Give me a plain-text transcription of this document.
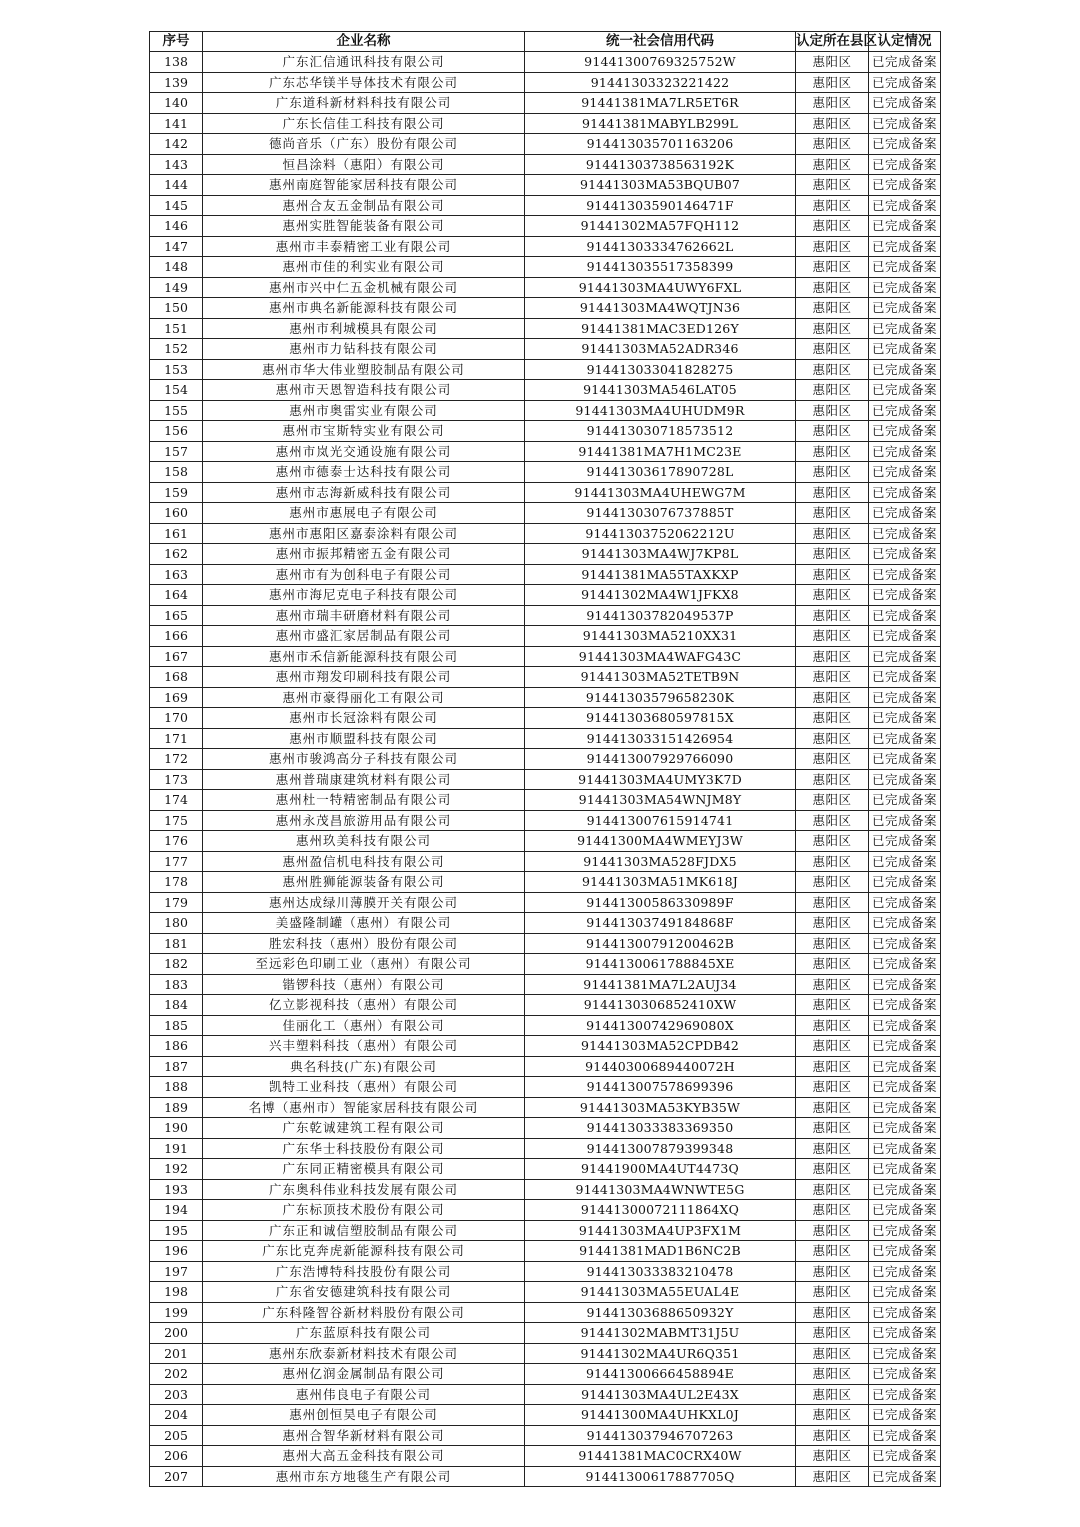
序号	企业名称	统一社会信用代码	认定所在县区	认定情况
138	广东汇信通讯科技有限公司	91441300769325752W	惠阳区	已完成备案
139	广东芯华镁半导体技术有限公司	91441303323221422	惠阳区	已完成备案
140	广东道科新材料科技有限公司	91441381MA7LR5ET6R	惠阳区	已完成备案
141	广东长信佳工科技有限公司	91441381MABYLB299L	惠阳区	已完成备案
142	德尚音乐（广东）股份有限公司	914413035701163206	惠阳区	已完成备案
143	恒昌涂料（惠阳）有限公司	91441303738563192K	惠阳区	已完成备案
144	惠州南庭智能家居科技有限公司	91441303MA53BQUB07	惠阳区	已完成备案
145	惠州合友五金制品有限公司	91441303590146471F	惠阳区	已完成备案
146	惠州实胜智能装备有限公司	91441302MA57FQH112	惠阳区	已完成备案
147	惠州市丰泰精密工业有限公司	91441303334762662L	惠阳区	已完成备案
148	惠州市佳的利实业有限公司	914413035517358399	惠阳区	已完成备案
149	惠州市兴中仁五金机械有限公司	91441303MA4UWY6FXL	惠阳区	已完成备案
150	惠州市典名新能源科技有限公司	91441303MA4WQTJN36	惠阳区	已完成备案
151	惠州市利城模具有限公司	91441381MAC3ED126Y	惠阳区	已完成备案
152	惠州市力钻科技有限公司	91441303MA52ADR346	惠阳区	已完成备案
153	惠州市华大伟业塑胶制品有限公司	914413033041828275	惠阳区	已完成备案
154	惠州市天恩智造科技有限公司	91441303MA546LAT05	惠阳区	已完成备案
155	惠州市奥雷实业有限公司	91441303MA4UHUDM9R	惠阳区	已完成备案
156	惠州市宝斯特实业有限公司	914413030718573512	惠阳区	已完成备案
157	惠州市岚光交通设施有限公司	91441381MA7H1MC23E	惠阳区	已完成备案
158	惠州市德泰士达科技有限公司	91441303617890728L	惠阳区	已完成备案
159	惠州市志海新威科技有限公司	91441303MA4UHEWG7M	惠阳区	已完成备案
160	惠州市惠展电子有限公司	91441303076737885T	惠阳区	已完成备案
161	惠州市惠阳区嘉泰涂料有限公司	91441303752062212U	惠阳区	已完成备案
162	惠州市振邦精密五金有限公司	91441303MA4WJ7KP8L	惠阳区	已完成备案
163	惠州市有为创科电子有限公司	91441381MA55TAXKXP	惠阳区	已完成备案
164	惠州市海尼克电子科技有限公司	91441302MA4W1JFKX8	惠阳区	已完成备案
165	惠州市瑞丰研磨材料有限公司	91441303782049537P	惠阳区	已完成备案
166	惠州市盛汇家居制品有限公司	91441303MA5210XX31	惠阳区	已完成备案
167	惠州市禾信新能源科技有限公司	91441303MA4WAFG43C	惠阳区	已完成备案
168	惠州市翔发印刷科技有限公司	91441303MA52TETB9N	惠阳区	已完成备案
169	惠州市豪得丽化工有限公司	91441303579658230K	惠阳区	已完成备案
170	惠州市长冠涂料有限公司	91441303680597815X	惠阳区	已完成备案
171	惠州市顺盟科技有限公司	914413033151426954	惠阳区	已完成备案
172	惠州市骏鸿高分子科技有限公司	914413007929766090	惠阳区	已完成备案
173	惠州普瑞康建筑材料有限公司	91441303MA4UMY3K7D	惠阳区	已完成备案
174	惠州杜一特精密制品有限公司	91441303MA54WNJM8Y	惠阳区	已完成备案
175	惠州永茂昌旅游用品有限公司	914413007615914741	惠阳区	已完成备案
176	惠州玖美科技有限公司	91441300MA4WMEYJ3W	惠阳区	已完成备案
177	惠州盈信机电科技有限公司	91441303MA528FJDX5	惠阳区	已完成备案
178	惠州胜狮能源装备有限公司	91441303MA51MK618J	惠阳区	已完成备案
179	惠州达成绿川薄膜开关有限公司	91441300586330989F	惠阳区	已完成备案
180	美盛隆制罐（惠州）有限公司	91441303749184868F	惠阳区	已完成备案
181	胜宏科技（惠州）股份有限公司	91441300791200462B	惠阳区	已完成备案
182	至远彩色印刷工业（惠州）有限公司	9144130061788845XE	惠阳区	已完成备案
183	锴锣科技（惠州）有限公司	91441381MA7L2AUJ34	惠阳区	已完成备案
184	亿立影视科技（惠州）有限公司	9144130306852410XW	惠阳区	已完成备案
185	佳丽化工（惠州）有限公司	91441300742969080X	惠阳区	已完成备案
186	兴丰塑料科技（惠州）有限公司	91441303MA52CPDB42	惠阳区	已完成备案
187	典名科技(广东)有限公司	91440300689440072H	惠阳区	已完成备案
188	凯特工业科技（惠州）有限公司	914413007578699396	惠阳区	已完成备案
189	名博（惠州市）智能家居科技有限公司	91441303MA53KYB35W	惠阳区	已完成备案
190	广东乾诚建筑工程有限公司	914413033383369350	惠阳区	已完成备案
191	广东华士科技股份有限公司	914413007879399348	惠阳区	已完成备案
192	广东同正精密模具有限公司	91441900MA4UT4473Q	惠阳区	已完成备案
193	广东奥科伟业科技发展有限公司	91441303MA4WNWTE5G	惠阳区	已完成备案
194	广东标顶技术股份有限公司	91441300072111864XQ	惠阳区	已完成备案
195	广东正和诚信塑胶制品有限公司	91441303MA4UP3FX1M	惠阳区	已完成备案
196	广东比克奔虎新能源科技有限公司	91441381MAD1B6NC2B	惠阳区	已完成备案
197	广东浩博特科技股份有限公司	914413033383210478	惠阳区	已完成备案
198	广东省安德建筑科技有限公司	91441303MA55EUAL4E	惠阳区	已完成备案
199	广东科隆智谷新材料股份有限公司	91441303688650932Y	惠阳区	已完成备案
200	广东蓝原科技有限公司	91441302MABMT31J5U	惠阳区	已完成备案
201	惠州东欣泰新材料技术有限公司	91441302MA4UR6Q351	惠阳区	已完成备案
202	惠州亿润金属制品有限公司	91441300666458894E	惠阳区	已完成备案
203	惠州伟良电子有限公司	91441303MA4UL2E43X	惠阳区	已完成备案
204	惠州创恒昊电子有限公司	91441300MA4UHKXL0J	惠阳区	已完成备案
205	惠州合智华新材料有限公司	914413037946707263	惠阳区	已完成备案
206	惠州大高五金科技有限公司	91441381MAC0CRX40W	惠阳区	已完成备案
207	惠州市东方地毯生产有限公司	91441300617887705Q	惠阳区	已完成备案
